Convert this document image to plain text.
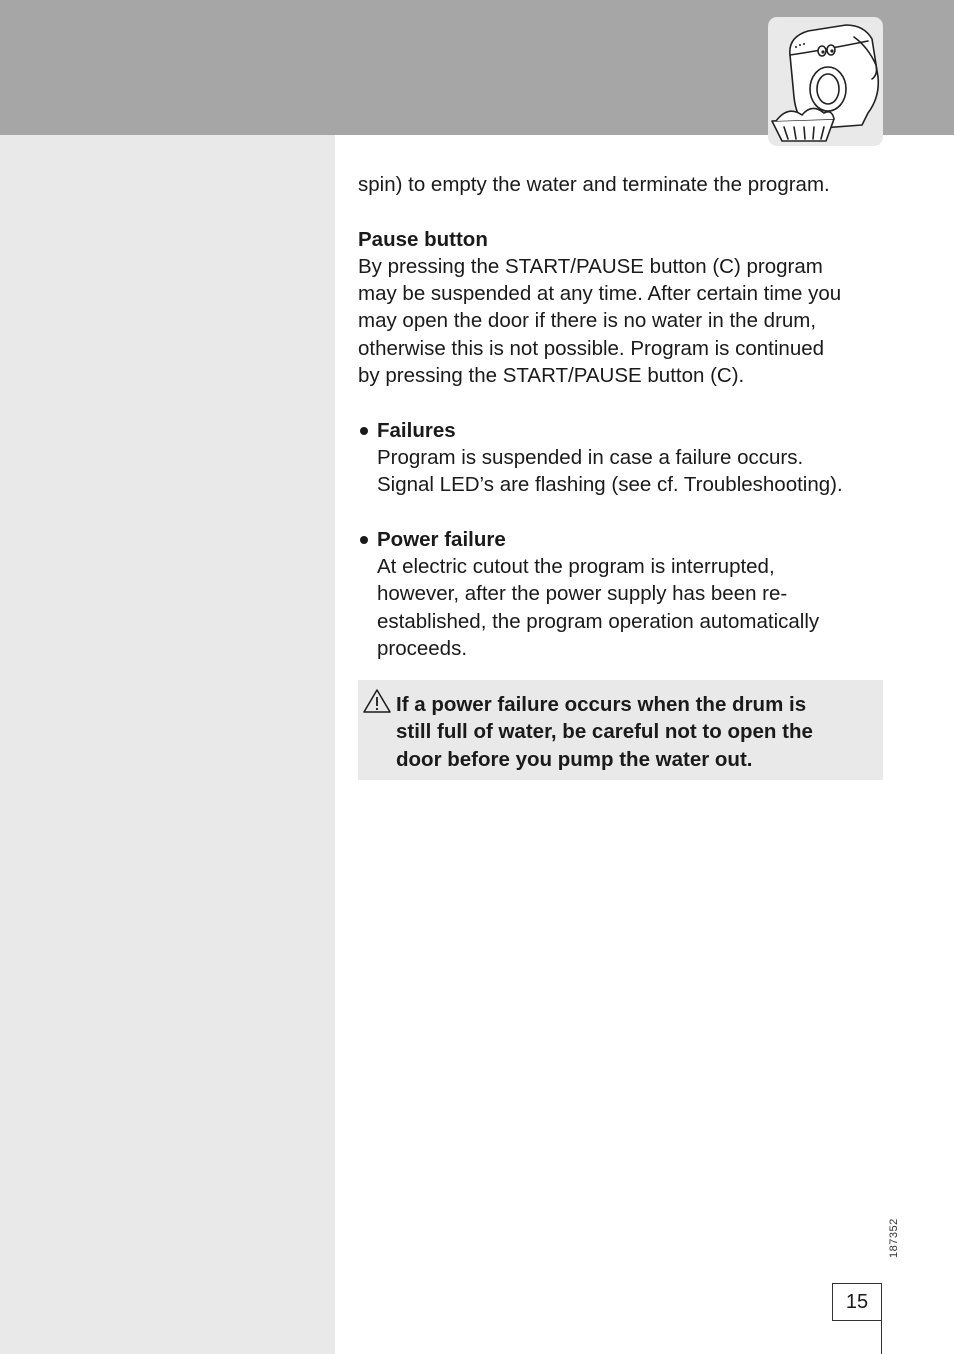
spin) to empty the water and terminate the program.

Pause button

By pressing the START/PAUSE button (C) program

may be suspended at any time. After certain time you

may open the door if there is no water in the drum,

otherwise this is not possible. Program is continued

by pressing the START/PAUSE button (C).

Failures

Program is suspended in case a failure occurs.

Signal LED’s are flashing (see cf. Troubleshooting).

Power failure

At electric cutout the program is interrupted,

however, after the power supply has been re-

established, the program operation automatically

proceeds.

If a power failure occurs when the drum is

still full of water, be careful not to open the

door before you pump the water out.

187352
15
